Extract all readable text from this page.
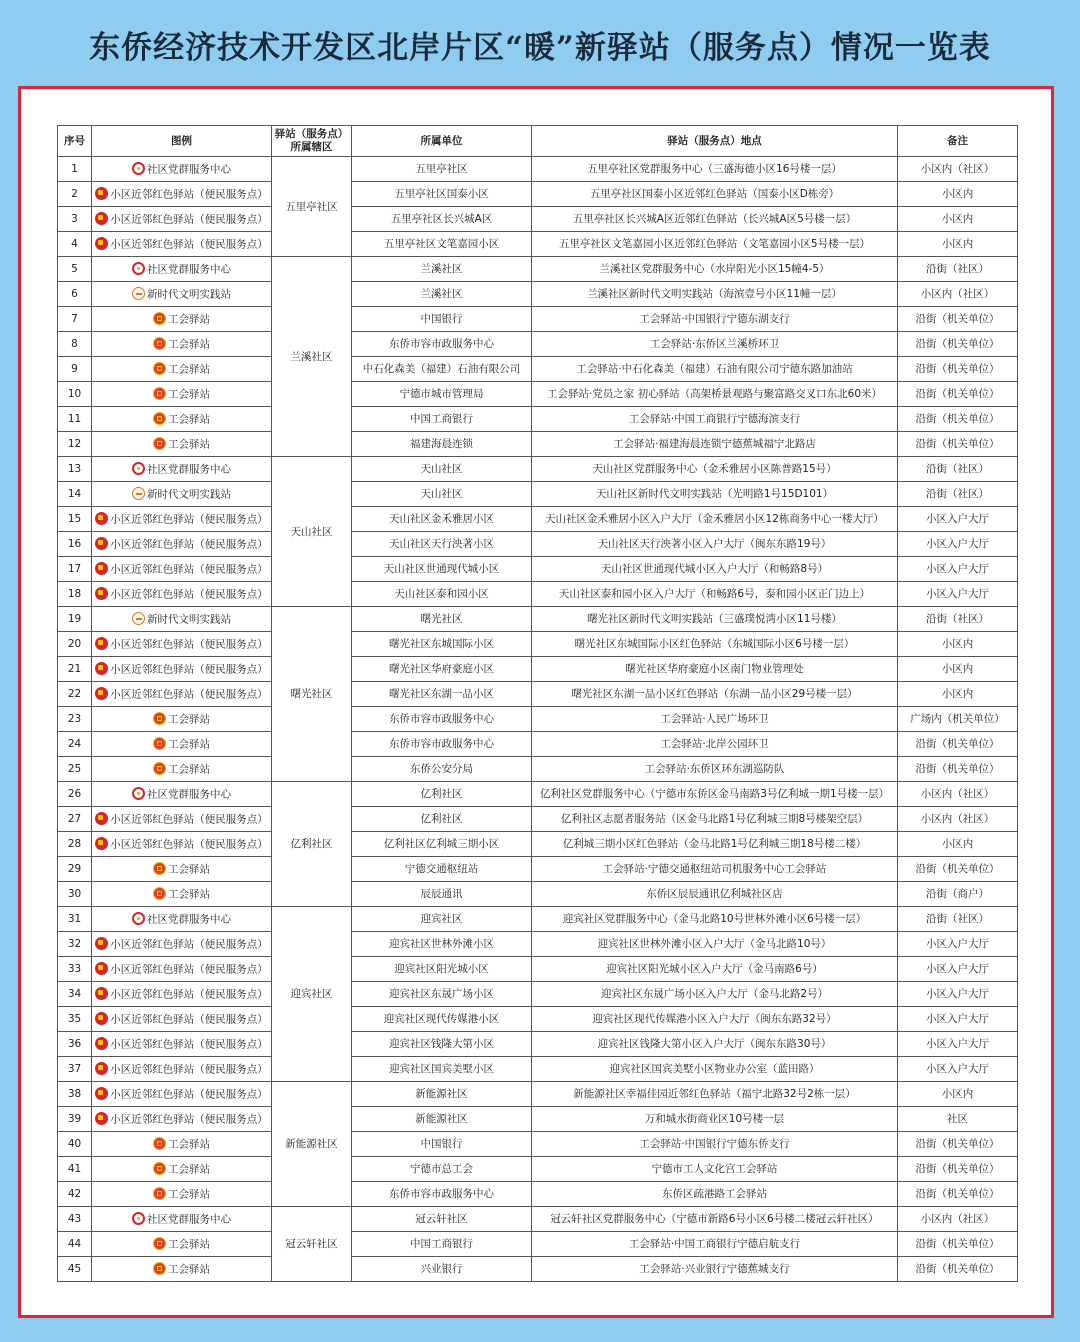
东侨经济技术开发区北岸片区“暖”新驿站（服务点）情况一览表
序号	图例	驿站（服务点）所属辖区	所属单位	驿站（服务点）地点	备注
1	社区党群服务中心	五里亭社区	五里亭社区	五里亭社区党群服务中心（三盛海德小区16号楼一层）	小区内（社区）
2	小区近邻红色驿站（便民服务点）		五里亭社区国泰小区	五里亭社区国泰小区近邻红色驿站（国泰小区D栋旁）	小区内
3	小区近邻红色驿站（便民服务点）		五里亭社区长兴城A区	五里亭社区长兴城A区近邻红色驿站（长兴城A区5号楼一层）	小区内
4	小区近邻红色驿站（便民服务点）		五里亭社区文笔嘉园小区	五里亭社区文笔嘉园小区近邻红色驿站（文笔嘉园小区5号楼一层）	小区内
5	社区党群服务中心	兰溪社区	兰溪社区	兰溪社区党群服务中心（水岸阳光小区15幢4-5）	沿街（社区）
6	新时代文明实践站		兰溪社区	兰溪社区新时代文明实践站（海滨壹号小区11幢一层）	小区内（社区）
7	工会驿站		中国银行	工会驿站·中国银行宁德东湖支行	沿街（机关单位）
8	工会驿站		东侨市容市政服务中心	工会驿站·东侨区兰溪桥环卫	沿街（机关单位）
9	工会驿站		中石化森美（福建）石油有限公司	工会驿站·中石化森美（福建）石油有限公司宁德东路加油站	沿街（机关单位）
10	工会驿站		宁德市城市管理局	工会驿站·党员之家 初心驿站（高架桥景观路与聚富路交叉口东北60米）	沿街（机关单位）
11	工会驿站		中国工商银行	工会驿站·中国工商银行宁德海滨支行	沿街（机关单位）
12	工会驿站		福建海晨连锁	工会驿站·福建海晨连锁宁德蕉城福宁北路店	沿街（机关单位）
13	社区党群服务中心	天山社区	天山社区	天山社区党群服务中心（金禾雅居小区陈普路15号）	沿街（社区）
14	新时代文明实践站		天山社区	天山社区新时代文明实践站（光明路1号15D101）	沿街（社区）
15	小区近邻红色驿站（便民服务点）		天山社区金禾雅居小区	天山社区金禾雅居小区入户大厅（金禾雅居小区12栋商务中心一楼大厅）	小区入户大厅
16	小区近邻红色驿站（便民服务点）		天山社区天行泱著小区	天山社区天行泱著小区入户大厅（闽东东路19号）	小区入户大厅
17	小区近邻红色驿站（便民服务点）		天山社区世通现代城小区	天山社区世通现代城小区入户大厅（和畅路8号）	小区入户大厅
18	小区近邻红色驿站（便民服务点）		天山社区泰和园小区	天山社区泰和园小区入户大厅（和畅路6号，泰和园小区正门边上）	小区入户大厅
19	新时代文明实践站	曙光社区	曙光社区	曙光社区新时代文明实践站（三盛璞悦湾小区11号楼）	沿街（社区）
20	小区近邻红色驿站（便民服务点）		曙光社区东城国际小区	曙光社区东城国际小区红色驿站（东城国际小区6号楼一层）	小区内
21	小区近邻红色驿站（便民服务点）		曙光社区华府豪庭小区	曙光社区华府豪庭小区南门物业管理处	小区内
22	小区近邻红色驿站（便民服务点）		曙光社区东湖一品小区	曙光社区东湖一品小区红色驿站（东湖一品小区29号楼一层）	小区内
23	工会驿站		东侨市容市政服务中心	工会驿站·人民广场环卫	广场内（机关单位）
24	工会驿站		东侨市容市政服务中心	工会驿站·北岸公园环卫	沿街（机关单位）
25	工会驿站		东侨公安分局	工会驿站·东侨区环东湖巡防队	沿街（机关单位）
26	社区党群服务中心	亿利社区	亿利社区	亿利社区党群服务中心（宁德市东侨区金马南路3号亿利城一期1号楼一层）	小区内（社区）
27	小区近邻红色驿站（便民服务点）		亿利社区	亿利社区志愿者服务站（区金马北路1号亿利城三期8号楼架空层）	小区内（社区）
28	小区近邻红色驿站（便民服务点）		亿利社区亿利城三期小区	亿利城三期小区红色驿站（金马北路1号亿利城三期18号楼二楼）	小区内
29	工会驿站		宁德交通枢纽站	工会驿站·宁德交通枢纽站司机服务中心工会驿站	沿街（机关单位）
30	工会驿站		辰辰通讯	东侨区辰辰通讯亿利城社区店	沿街（商户）
31	社区党群服务中心	迎宾社区	迎宾社区	迎宾社区党群服务中心（金马北路10号世林外滩小区6号楼一层）	沿街（社区）
32	小区近邻红色驿站（便民服务点）		迎宾社区世林外滩小区	迎宾社区世林外滩小区入户大厅（金马北路10号）	小区入户大厅
33	小区近邻红色驿站（便民服务点）		迎宾社区阳光城小区	迎宾社区阳光城小区入户大厅（金马南路6号）	小区入户大厅
34	小区近邻红色驿站（便民服务点）		迎宾社区东晟广场小区	迎宾社区东晟广场小区入户大厅（金马北路2号）	小区入户大厅
35	小区近邻红色驿站（便民服务点）		迎宾社区现代传媒港小区	迎宾社区现代传媒港小区入户大厅（闽东东路32号）	小区入户大厅
36	小区近邻红色驿站（便民服务点）		迎宾社区钱隆大第小区	迎宾社区钱隆大第小区入户大厅（闽东东路30号）	小区入户大厅
37	小区近邻红色驿站（便民服务点）		迎宾社区国宾美墅小区	迎宾社区国宾美墅小区物业办公室（蓝田路）	小区入户大厅
38	小区近邻红色驿站（便民服务点）	新能源社区	新能源社区	新能源社区幸福佳园近邻红色驿站（福宁北路32号2栋一层）	小区内
39	小区近邻红色驿站（便民服务点）		新能源社区	万和城水街商业区10号楼一层	社区
40	工会驿站		中国银行	工会驿站·中国银行宁德东侨支行	沿街（机关单位）
41	工会驿站		宁德市总工会	宁德市工人文化宫工会驿站	沿街（机关单位）
42	工会驿站		东侨市容市政服务中心	东侨区疏港路工会驿站	沿街（机关单位）
43	社区党群服务中心	冠云轩社区	冠云轩社区	冠云轩社区党群服务中心（宁德市新路6号小区6号楼二楼冠云轩社区）	小区内（社区）
44	工会驿站		中国工商银行	工会驿站·中国工商银行宁德启航支行	沿街（机关单位）
45	工会驿站		兴业银行	工会驿站·兴业银行宁德蕉城支行	沿街（机关单位）
